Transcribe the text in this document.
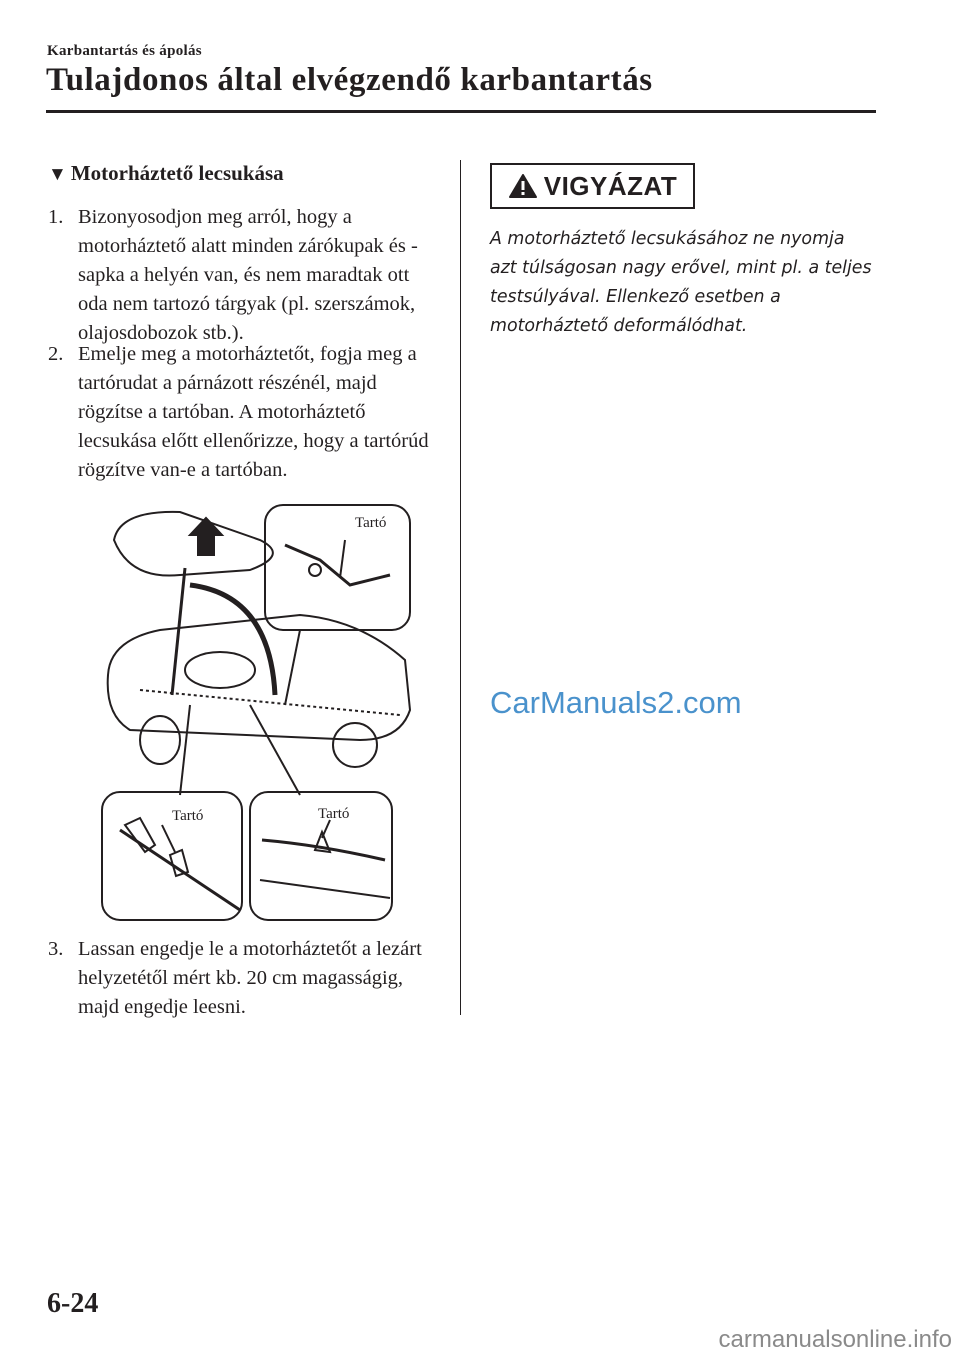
Karbantartás és ápolás
Tulajdonos által elvégzendő karbantartás
▼ Motorháztető lecsukása
1. Bizonyosodjon meg arról, hogy a motorháztető alatt minden zárókupak és -sapka a helyén van, és nem maradtak ott oda nem tartozó tárgyak (pl. szerszámok, olajosdobozok stb.).
2. Emelje meg a motorháztetőt, fogja meg a tartórudat a párnázott részénél, majd rögzítse a tartóban. A motorháztető lecsukása előtt ellenőrizze, hogy a tartórúd rögzítve van-e a tartóban.
Tartó
Tartó	Tartó
3. Lassan engedje le a motorháztetőt a lezárt helyzetétől mért kb. 20 cm magasságig, majd engedje leesni.
VIGYÁZAT
A motorháztető lecsukásához ne nyomja azt túlságosan nagy erővel, mint pl. a teljes testsúlyával. Ellenkező esetben a motorháztető deformálódhat.
CarManuals2.com
6-24
carmanualsonline.info
